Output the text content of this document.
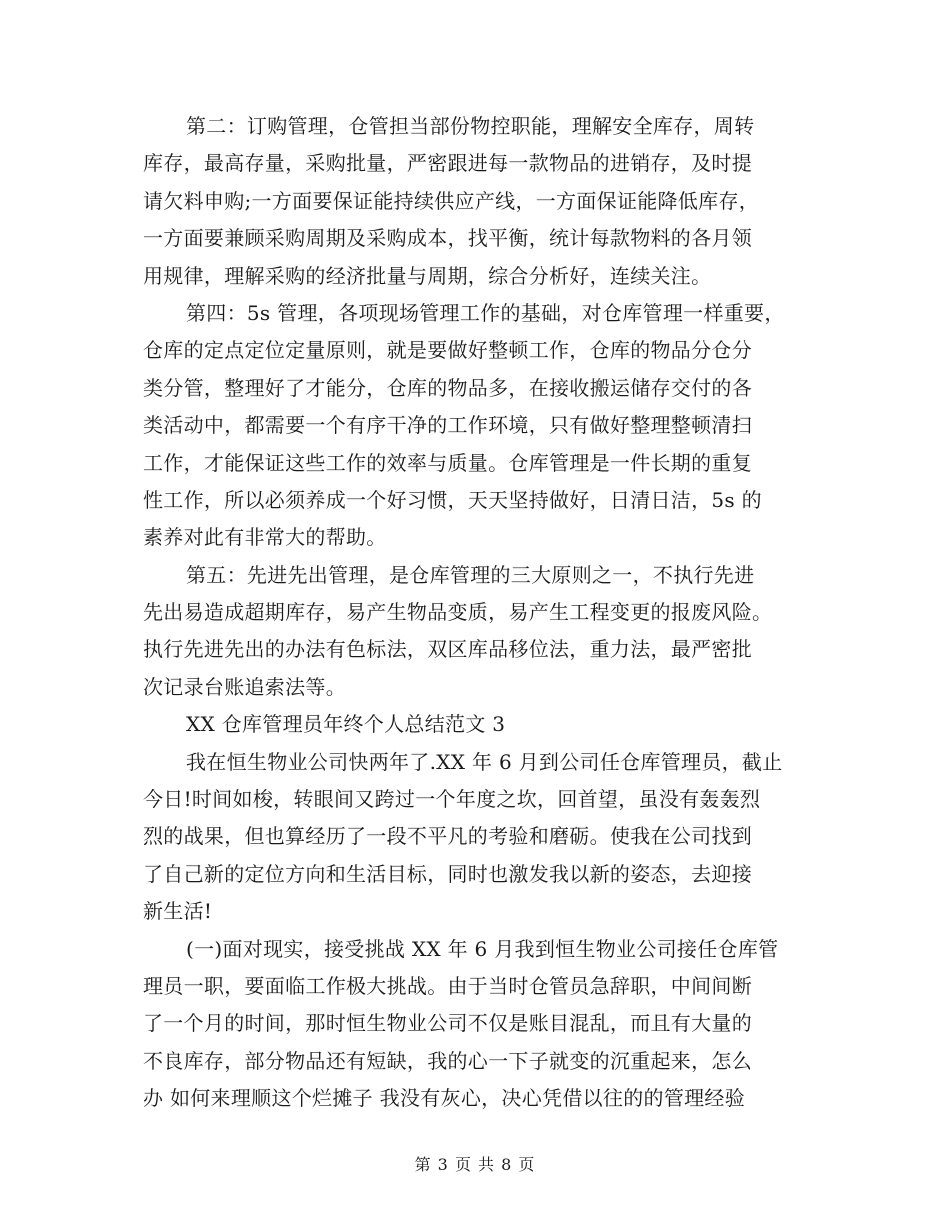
第二：订购管理，仓管担当部份物控职能，理解安全库存，周转
库存，最高存量，采购批量，严密跟进每一款物品的进销存，及时提
请欠料申购;一方面要保证能持续供应产线，一方面保证能降低库存，
一方面要兼顾采购周期及采购成本，找平衡，统计每款物料的各月领
用规律，理解采购的经济批量与周期，综合分析好，连续关注。
第四：5s 管理，各项现场管理工作的基础，对仓库管理一样重要，
仓库的定点定位定量原则，就是要做好整顿工作，仓库的物品分仓分
类分管，整理好了才能分，仓库的物品多，在接收搬运储存交付的各
类活动中，都需要一个有序干净的工作环境，只有做好整理整顿清扫
工作，才能保证这些工作的效率与质量。仓库管理是一件长期的重复
性工作，所以必须养成一个好习惯，天天坚持做好，日清日洁，5s 的
素养对此有非常大的帮助。
第五：先进先出管理，是仓库管理的三大原则之一，不执行先进
先出易造成超期库存，易产生物品变质，易产生工程变更的报废风险。
执行先进先出的办法有色标法，双区库品移位法，重力法，最严密批
次记录台账追索法等。
XX 仓库管理员年终个人总结范文 3
我在恒生物业公司快两年了.XX 年 6 月到公司任仓库管理员，截止
今日!时间如梭，转眼间又跨过一个年度之坎，回首望，虽没有轰轰烈
烈的战果，但也算经历了一段不平凡的考验和磨砺。使我在公司找到
了自己新的定位方向和生活目标，同时也激发我以新的姿态，去迎接
新生活!
(一)面对现实，接受挑战 XX 年 6 月我到恒生物业公司接任仓库管
理员一职，要面临工作极大挑战。由于当时仓管员急辞职，中间间断
了一个月的时间，那时恒生物业公司不仅是账目混乱，而且有大量的
不良库存，部分物品还有短缺，我的心一下子就变的沉重起来，怎么
办 如何来理顺这个烂摊子 我没有灰心，决心凭借以往的的管理经验
第 3 页 共 8 页
